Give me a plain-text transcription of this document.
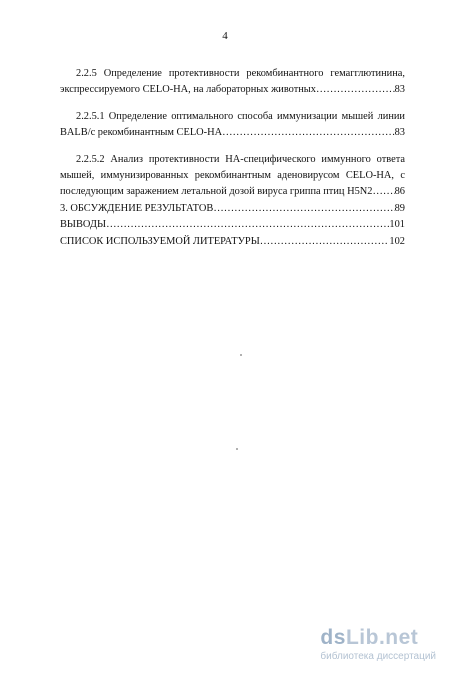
4
2.2.5 Определение протективности рекомбинантного гемагглютинина,
экспрессируемого CELO-HA, на лабораторных животных ……………………………………………………………………………………………………………………………………………………	83
2.2.5.1 Определение оптимального способа иммунизации мышей линии
BALB/c рекомбинантным CELO-HA ……………………………………………………………………………………………………………………………………………………	83
2.2.5.2 Анализ протективности НА-специфического иммунного ответа
мышей, иммунизированных рекомбинантным аденовирусом CELO-HA, с
последующим заражением летальной дозой вируса гриппа птиц H5N2 …………………………………………………………………………………………………………………………………………………… 86
3. ОБСУЖДЕНИЕ РЕЗУЛЬТАТОВ ……………………………………………………………………………………………………………………………………………………	89
ВЫВОДЫ ……………………………………………………………………………………………………………………………………………………	101
СПИСОК ИСПОЛЬЗУЕМОЙ ЛИТЕРАТУРЫ ……………………………………………………………………………………………………………………………………………………	102
dsLib.net
библиотека диссертаций
